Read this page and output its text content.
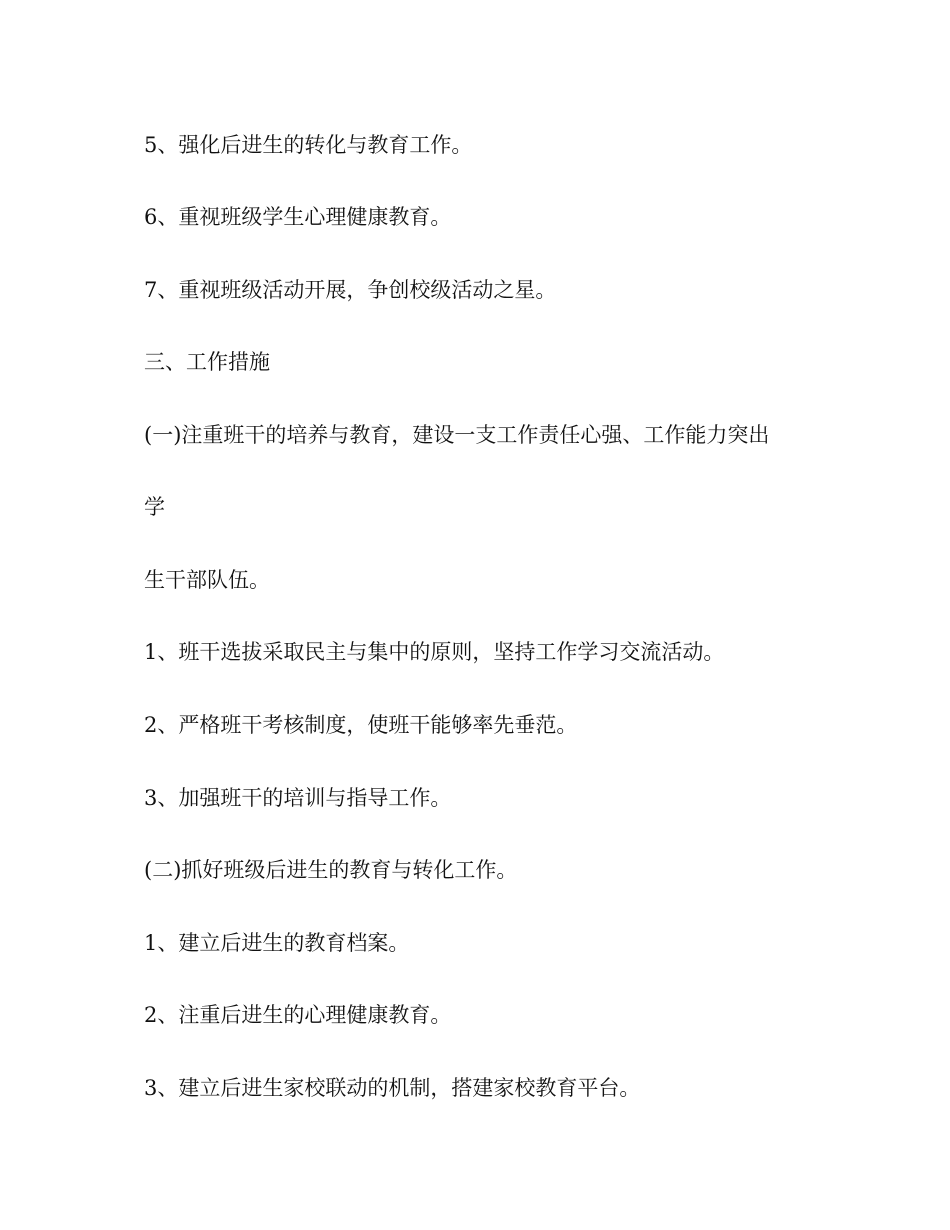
5、强化后进生的转化与教育工作。
6、重视班级学生心理健康教育。
7、重视班级活动开展，争创校级活动之星。
三、工作措施
(一)注重班干的培养与教育，建设一支工作责任心强、工作能力突出
学
生干部队伍。
1、班干选拔采取民主与集中的原则，坚持工作学习交流活动。
2、严格班干考核制度，使班干能够率先垂范。
3、加强班干的培训与指导工作。
(二)抓好班级后进生的教育与转化工作。
1、建立后进生的教育档案。
2、注重后进生的心理健康教育。
3、建立后进生家校联动的机制，搭建家校教育平台。
